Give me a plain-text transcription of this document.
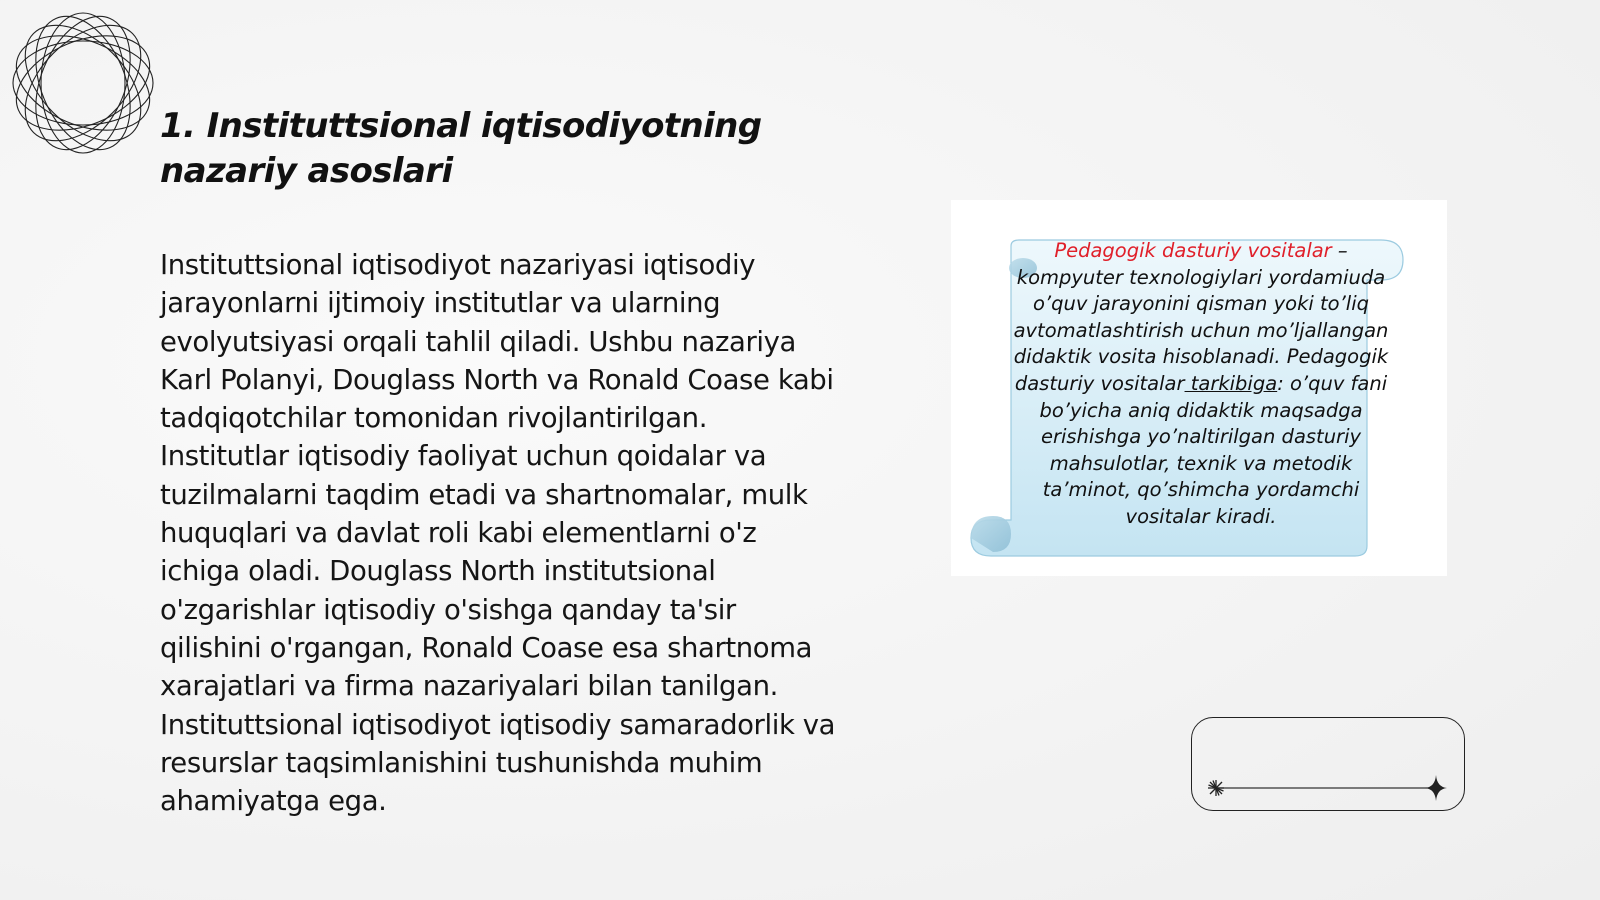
1. Instituttsional iqtisodiyotning nazariy asoslari

Instituttsional iqtisodiyot nazariyasi iqtisodiy jarayonlarni ijtimoiy institutlar va ularning evolyutsiyasi orqali tahlil qiladi. Ushbu nazariya Karl Polanyi, Douglass North va Ronald Coase kabi tadqiqotchilar tomonidan rivojlantirilgan. Institutlar iqtisodiy faoliyat uchun qoidalar va tuzilmalarni taqdim etadi va shartnomalar, mulk huquqlari va davlat roli kabi elementlarni o'z ichiga oladi. Douglass North institutsional o'zgarishlar iqtisodiy o'sishga qanday ta'sir qilishini o'rgangan, Ronald Coase esa shartnoma xarajatlari va firma nazariyalari bilan tanilgan. Instituttsional iqtisodiyot iqtisodiy samaradorlik va resurslar taqsimlanishini tushunishda muhim ahamiyatga ega.

Pedagogik dasturiy vositalar – kompyuter texnologiylari yordamiuda o’quv jarayonini qisman yoki to’liq avtomatlashtirish uchun mo’ljallangan didaktik vosita hisoblanadi. Pedagogik dasturiy vositalar tarkibiga: o’quv fani bo’yicha aniq didaktik maqsadga erishishga yo’naltirilgan dasturiy mahsulotlar, texnik va metodik ta’minot, qo’shimcha yordamchi vositalar kiradi.
